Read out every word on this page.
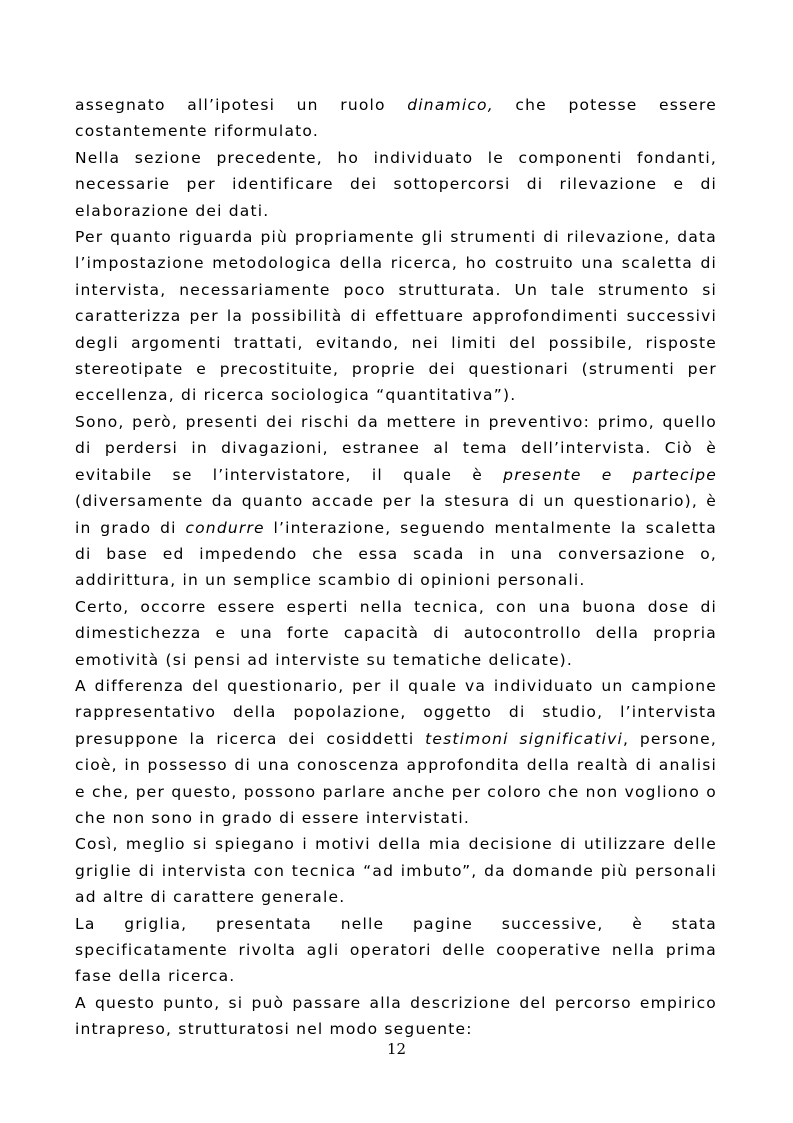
assegnato all’ipotesi un ruolo dinamico, che potesse essere costantemente riformulato.

Nella sezione precedente, ho individuato le componenti fondanti, necessarie per identificare dei sottopercorsi di rilevazione e di elaborazione dei dati.

Per quanto riguarda più propriamente gli strumenti di rilevazione, data l’impostazione metodologica della ricerca, ho costruito una scaletta di intervista, necessariamente poco strutturata. Un tale strumento si caratterizza per la possibilità di effettuare approfondimenti successivi degli argomenti trattati, evitando, nei limiti del possibile, risposte stereotipate e precostituite, proprie dei questionari (strumenti per eccellenza, di ricerca sociologica “quantitativa”).

Sono, però, presenti dei rischi da mettere in preventivo: primo, quello di perdersi in divagazioni, estranee al tema dell’intervista. Ciò è evitabile se l’intervistatore, il quale è presente e partecipe (diversamente da quanto accade per la stesura di un questionario), è in grado di condurre l’interazione, seguendo mentalmente la scaletta di base ed impedendo che essa scada in una conversazione o, addirittura, in un semplice scambio di opinioni personali.

Certo, occorre essere esperti nella tecnica, con una buona dose di dimestichezza e una forte capacità di autocontrollo della propria emotività (si pensi ad interviste su tematiche delicate).

A differenza del questionario, per il quale va individuato un campione rappresentativo della popolazione, oggetto di studio, l’intervista presuppone la ricerca dei cosiddetti testimoni significativi, persone, cioè, in possesso di una conoscenza approfondita della realtà di analisi e che, per questo, possono parlare anche per coloro che non vogliono o che non sono in grado di essere intervistati.

Così, meglio si spiegano i motivi della mia decisione di utilizzare delle griglie di intervista con tecnica “ad imbuto”, da domande più personali ad altre di carattere generale.

La griglia, presentata nelle pagine successive, è stata specificatamente rivolta agli operatori delle cooperative nella prima fase della ricerca.

A questo punto, si può passare alla descrizione del percorso empirico intrapreso, strutturatosi nel modo seguente:

12
